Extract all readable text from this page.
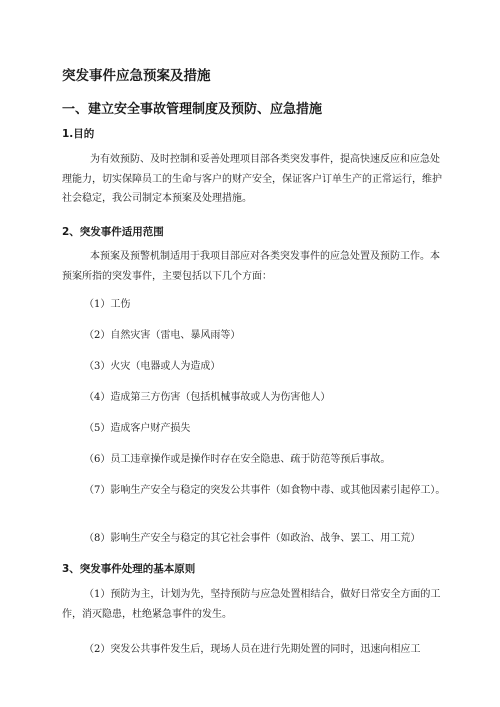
突发事件应急预案及措施

一、建立安全事故管理制度及预防、应急措施

1.目的

为有效预防、及时控制和妥善处理项目部各类突发事件，提高快速反应和应急处理能力，切实保障员工的生命与客户的财产安全，保证客户订单生产的正常运行，维护社会稳定，我公司制定本预案及处理措施。

2、突发事件适用范围

本预案及预警机制适用于我项目部应对各类突发事件的应急处置及预防工作。本预案所指的突发事件，主要包括以下几个方面：

（1）工伤

（2）自然灾害（雷电、暴风雨等）

（3）火灾（电器或人为造成）

（4）造成第三方伤害（包括机械事故或人为伤害他人）

（5）造成客户财产损失

（6）员工违章操作或是操作时存在安全隐患、疏于防范等预后事故。

（7）影响生产安全与稳定的突发公共事件（如食物中毒、或其他因素引起停工）。

（8）影响生产安全与稳定的其它社会事件（如政治、战争、罢工、用工荒）

3、突发事件处理的基本原则

（1）预防为主，计划为先，坚持预防与应急处置相结合，做好日常安全方面的工作，消灭隐患，杜绝紧急事件的发生。

（2）突发公共事件发生后，现场人员在进行先期处置的同时，迅速向相应工
